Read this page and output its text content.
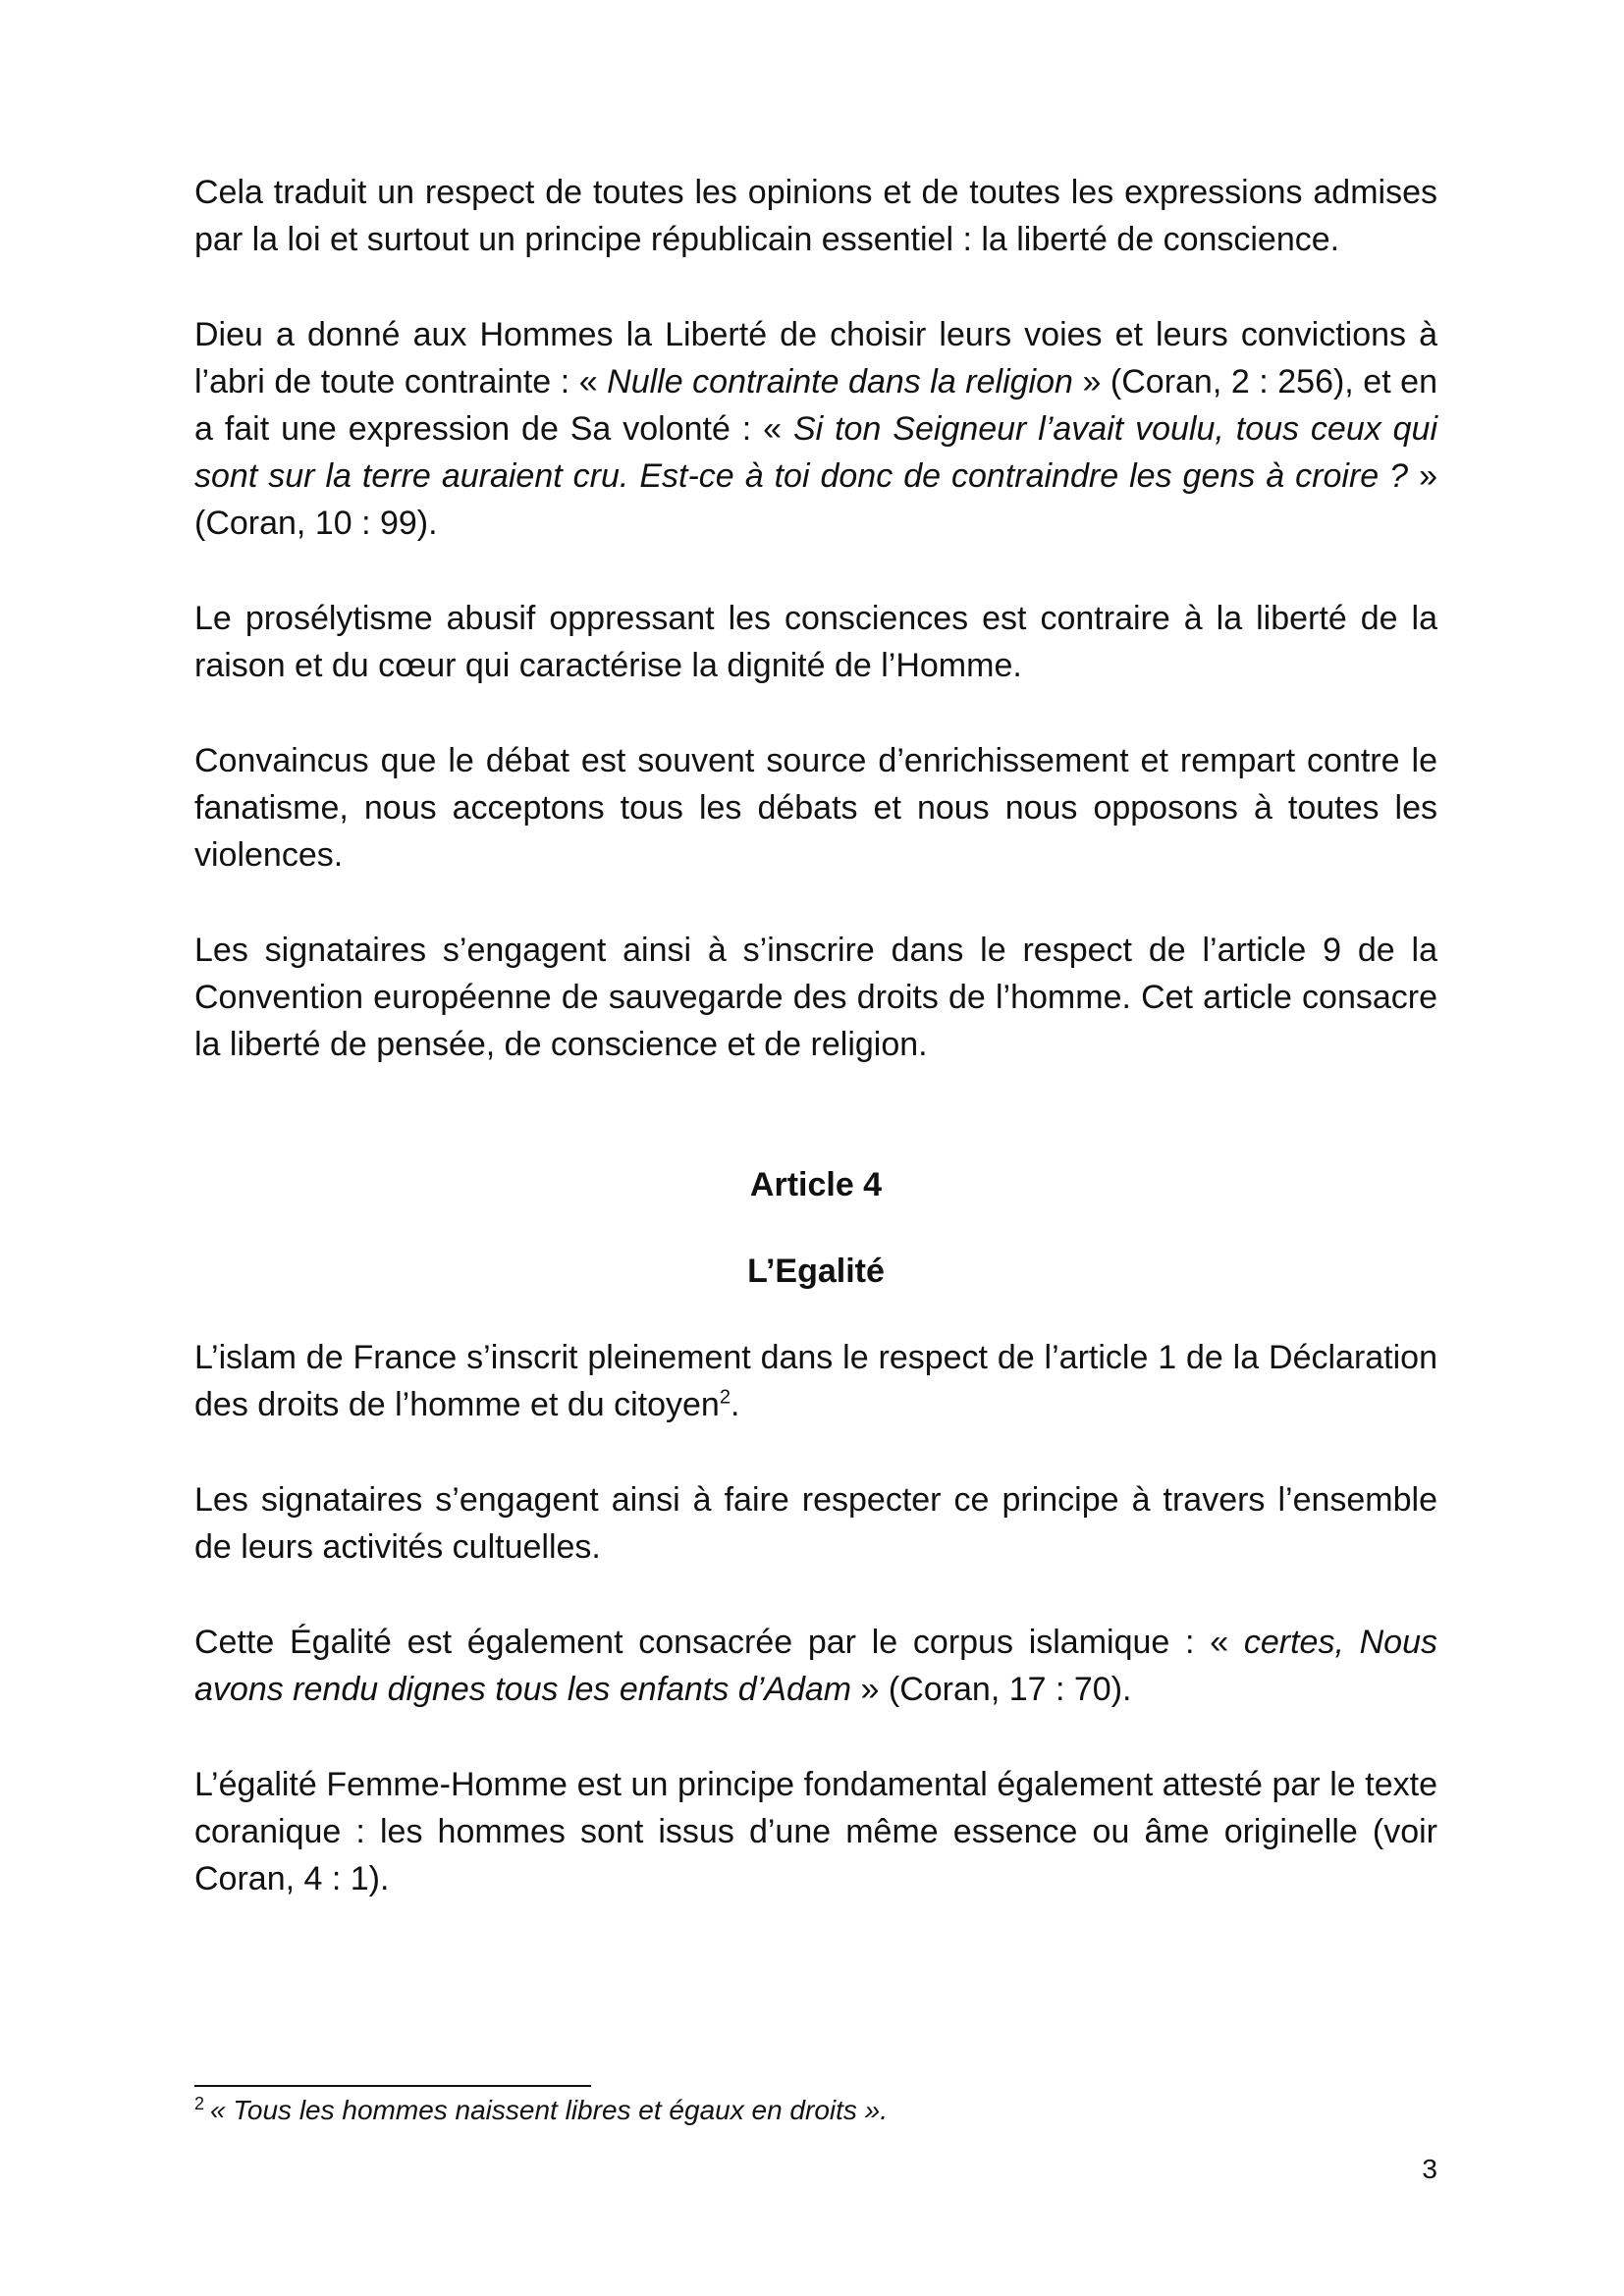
Cela traduit un respect de toutes les opinions et de toutes les expressions admises par la loi et surtout un principe républicain essentiel : la liberté de conscience.

Dieu a donné aux Hommes la Liberté de choisir leurs voies et leurs convictions à l’abri de toute contrainte : « Nulle contrainte dans la religion » (Coran, 2 : 256), et en a fait une expression de Sa volonté : « Si ton Seigneur l’avait voulu, tous ceux qui sont sur la terre auraient cru. Est-ce à toi donc de contraindre les gens à croire ? » (Coran, 10 : 99).

Le prosélytisme abusif oppressant les consciences est contraire à la liberté de la raison et du cœur qui caractérise la dignité de l’Homme.

Convaincus que le débat est souvent source d’enrichissement et rempart contre le fanatisme, nous acceptons tous les débats et nous nous opposons à toutes les violences.

Les signataires s’engagent ainsi à s’inscrire dans le respect de l’article 9 de la Convention européenne de sauvegarde des droits de l’homme. Cet article consacre la liberté de pensée, de conscience et de religion.

Article 4
L’Egalité

L’islam de France s’inscrit pleinement dans le respect de l’article 1 de la Déclaration des droits de l’homme et du citoyen$^2$.

Les signataires s’engagent ainsi à faire respecter ce principe à travers l’ensemble de leurs activités cultuelles.

Cette Égalité est également consacrée par le corpus islamique : « certes, Nous avons rendu dignes tous les enfants d’Adam » (Coran, 17 : 70).

L’égalité Femme-Homme est un principe fondamental également attesté par le texte coranique : les hommes sont issus d’une même essence ou âme originelle (voir Coran, 4 : 1).

$^2$ « Tous les hommes naissent libres et égaux en droits ».

3
